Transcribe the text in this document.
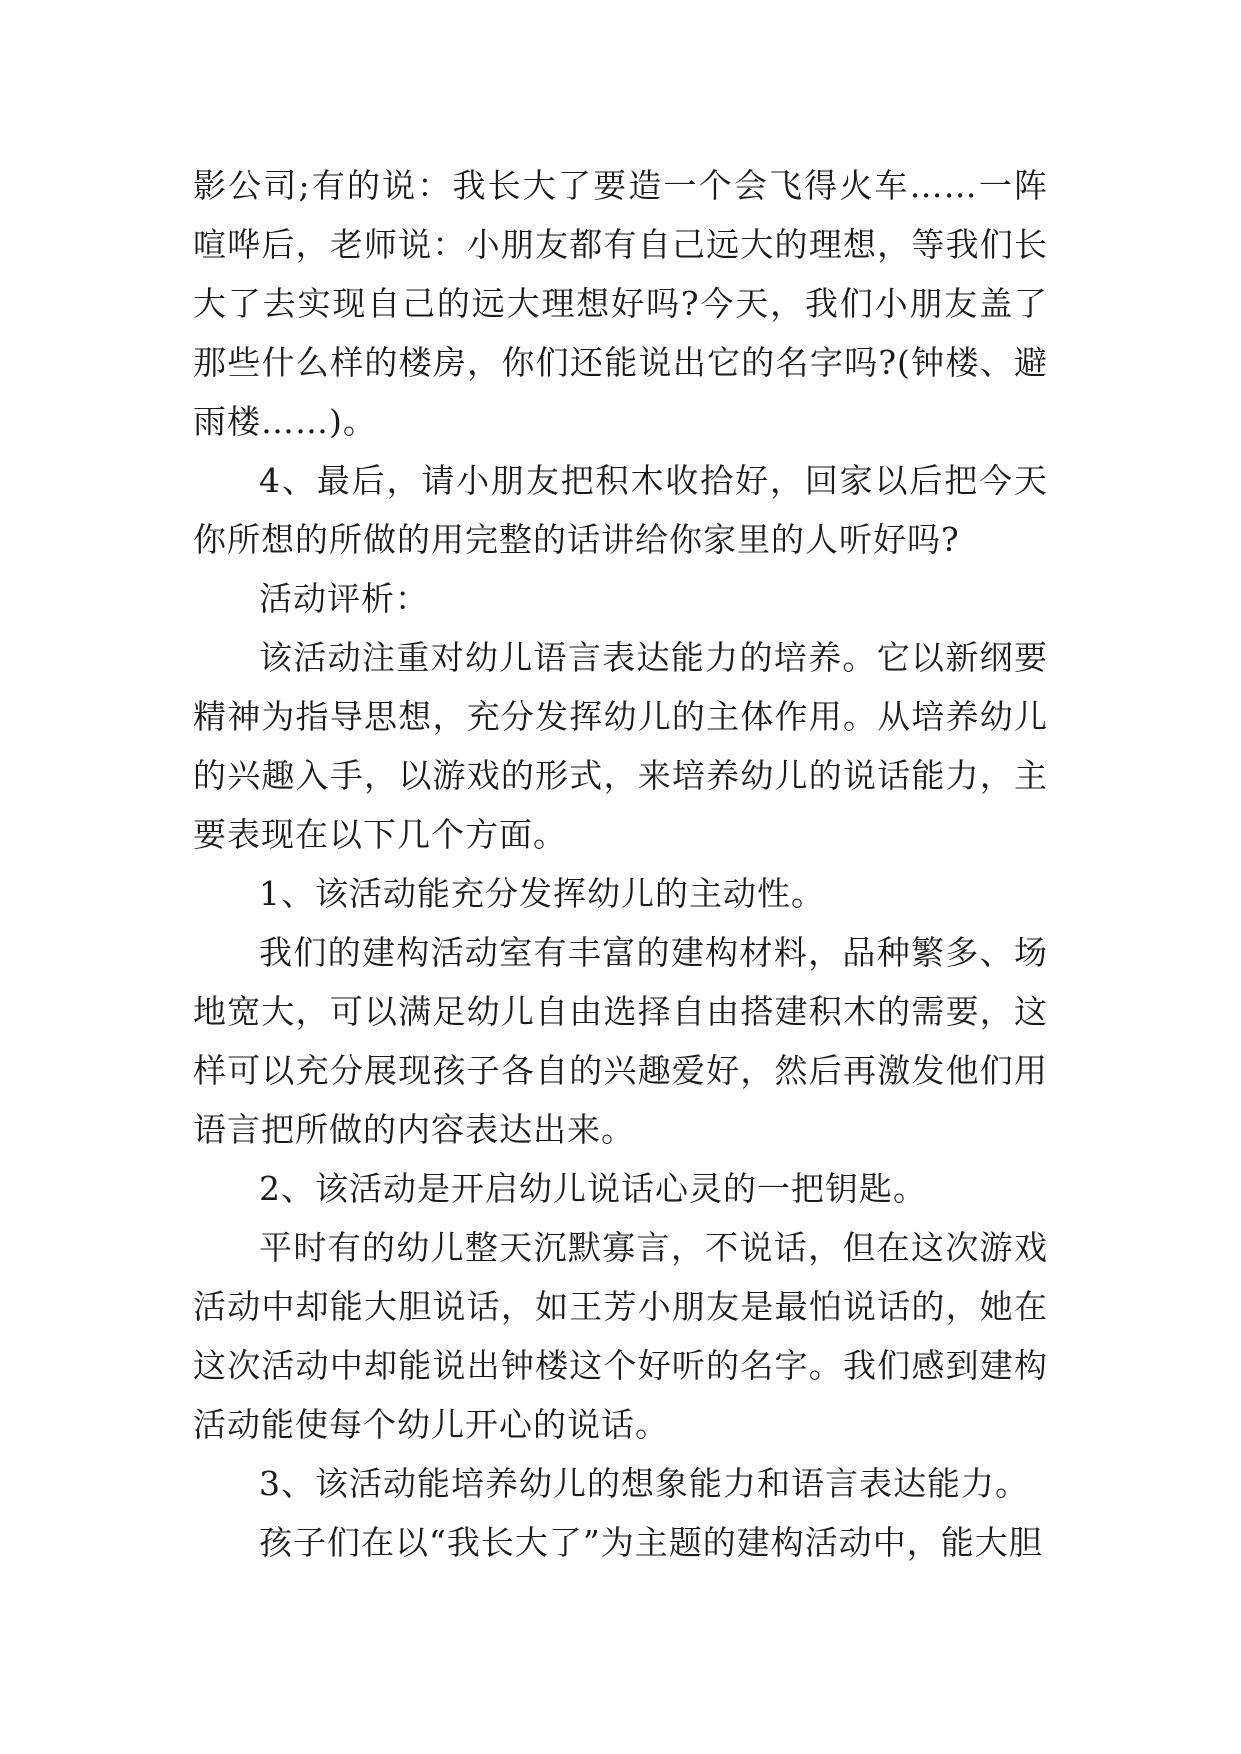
影公司;有的说：我长大了要造一个会飞得火车……一阵喧哗后，老师说：小朋友都有自己远大的理想，等我们长大了去实现自己的远大理想好吗?今天，我们小朋友盖了那些什么样的楼房，你们还能说出它的名字吗?(钟楼、避雨楼……)。

4、最后，请小朋友把积木收拾好，回家以后把今天你所想的所做的用完整的话讲给你家里的人听好吗?

活动评析：

该活动注重对幼儿语言表达能力的培养。它以新纲要精神为指导思想，充分发挥幼儿的主体作用。从培养幼儿的兴趣入手，以游戏的形式，来培养幼儿的说话能力，主要表现在以下几个方面。

1、该活动能充分发挥幼儿的主动性。

我们的建构活动室有丰富的建构材料，品种繁多、场地宽大，可以满足幼儿自由选择自由搭建积木的需要，这样可以充分展现孩子各自的兴趣爱好，然后再激发他们用语言把所做的内容表达出来。

2、该活动是开启幼儿说话心灵的一把钥匙。

平时有的幼儿整天沉默寡言，不说话，但在这次游戏活动中却能大胆说话，如王芳小朋友是最怕说话的，她在这次活动中却能说出钟楼这个好听的名字。我们感到建构活动能使每个幼儿开心的说话。

3、该活动能培养幼儿的想象能力和语言表达能力。

孩子们在以“我长大了”为主题的建构活动中，能大胆
